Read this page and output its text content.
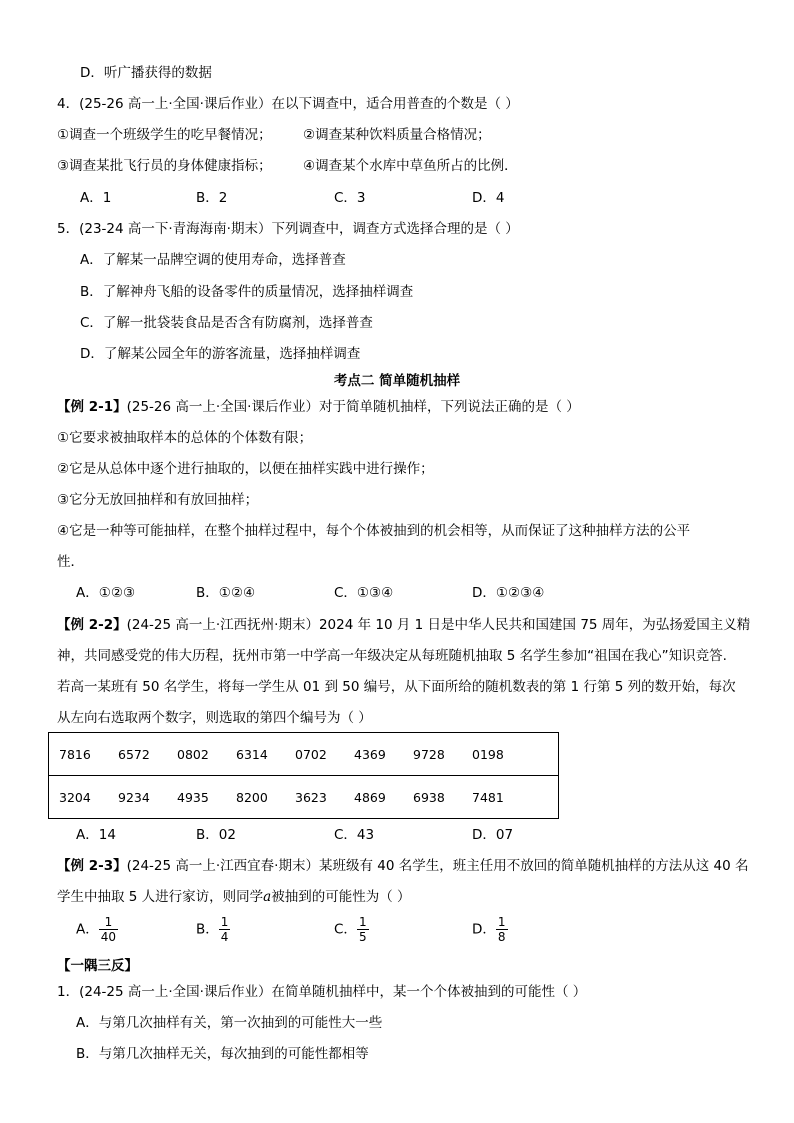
D．听广播获得的数据
4．(25-26 高一上·全国·课后作业）在以下调查中，适合用普查的个数是（ ）
①调查一个班级学生的吃早餐情况； ②调查某种饮料质量合格情况；
③调查某批飞行员的身体健康指标； ④调查某个水库中草鱼所占的比例．
A．1	B．2	C．3	D．4
5．(23-24 高一下·青海海南·期末）下列调查中，调查方式选择合理的是（ ）
A．了解某一品牌空调的使用寿命，选择普查
B．了解神舟飞船的设备零件的质量情况，选择抽样调查
C．了解一批袋装食品是否含有防腐剂，选择普查
D．了解某公园全年的游客流量，选择抽样调查
考点二 简单随机抽样
【例 2-1】(25-26 高一上·全国·课后作业）对于简单随机抽样，下列说法正确的是（ ）
①它要求被抽取样本的总体的个体数有限；
②它是从总体中逐个进行抽取的，以便在抽样实践中进行操作；
③它分无放回抽样和有放回抽样；
④它是一种等可能抽样，在整个抽样过程中，每个个体被抽到的机会相等，从而保证了这种抽样方法的公平
性．
A．①②③	B．①②④	C．①③④	D．①②③④
【例 2-2】(24-25 高一上·江西抚州·期末）2024 年 10 月 1 日是中华人民共和国建国 75 周年，为弘扬爱国主义精
神，共同感受党的伟大历程，抚州市第一中学高一年级决定从每班随机抽取 5 名学生参加“祖国在我心”知识竞答.
若高一某班有 50 名学生，将每一学生从 01 到 50 编号，从下面所给的随机数表的第 1 行第 5 列的数开始，每次
从左向右选取两个数字，则选取的第四个编号为（ ）
7816 6572 0802 6314 0702 4369 9728 0198
3204 9234 4935 8200 3623 4869 6938 7481
A．14	B．02	C．43	D．07
【例 2-3】(24-25 高一上·江西宜春·期末）某班级有 40 名学生，班主任用不放回的简单随机抽样的方法从这 40 名
学生中抽取 5 人进行家访，则同学a被抽到的可能性为（ ）
A． $\frac{1}{40}$	B． $\frac{1}{4}$	C． $\frac{1}{5}$	D． $\frac{1}{8}$
【一隅三反】
1．(24-25 高一上·全国·课后作业）在简单随机抽样中，某一个个体被抽到的可能性（ ）
A．与第几次抽样有关，第一次抽到的可能性大一些
B．与第几次抽样无关，每次抽到的可能性都相等
